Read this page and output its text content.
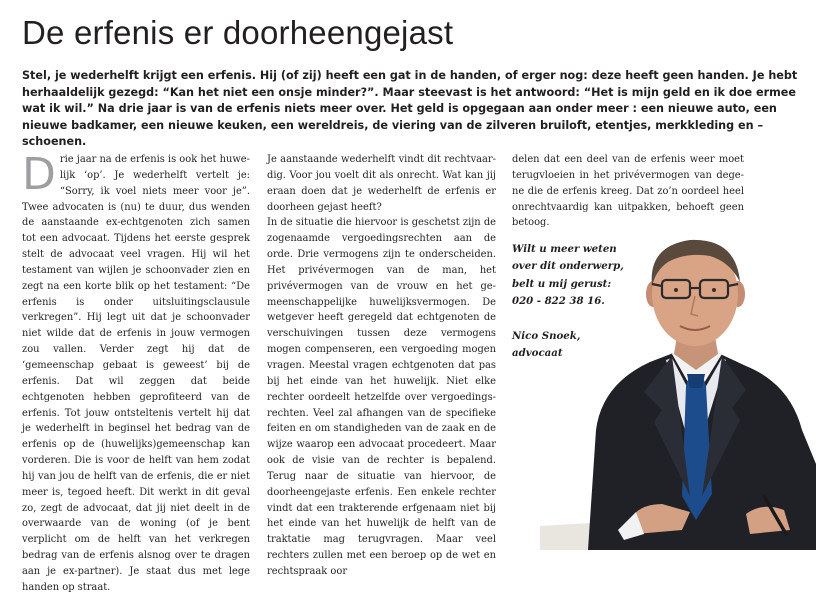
De erfenis er doorheengejast

Stel, je wederhelft krijgt een erfenis. Hij (of zij) heeft een gat in de handen, of erger nog: deze heeft geen handen. Je hebt herhaaldelijk gezegd: “Kan het niet een onsje minder?”. Maar steevast is het antwoord: “Het is mijn geld en ik doe ermee wat ik wil.” Na drie jaar is van de erfenis niets meer over. Het geld is opgegaan aan onder meer : een nieuwe auto, een nieuwe badkamer, een nieuwe keuken, een wereldreis, de viering van de zilveren bruiloft, etentjes, merkkleding en –schoenen.

Drie jaar na de erfenis is ook het huwelijk ‘op’. Je wederhelft vertelt je: “Sorry, ik voel niets meer voor je”. Twee advocaten is (nu) te duur, dus wenden de aanstaande ex-echtgenoten zich samen tot een advocaat. Tijdens het eerste gesprek stelt de advocaat veel vragen. Hij wil het testament van wijlen je schoonvader zien en zegt na een korte blik op het testament: “De erfenis is onder uitsluitingsclausule verkregen”. Hij legt uit dat je schoonvader niet wilde dat de erfenis in jouw vermogen zou vallen. Verder zegt hij dat de ‘gemeenschap gebaat is geweest’ bij de erfenis. Dat wil zeggen dat beide echtgenoten hebben geprofiteerd van de erfenis. Tot jouw ontsteltenis vertelt hij dat je wederhelft in beginsel het bedrag van de erfenis op de (huwelijks)gemeenschap kan vorderen. Die is voor de helft van hem zodat hij van jou de helft van de erfenis, die er niet meer is, tegoed heeft. Dit werkt in dit geval zo, zegt de advocaat, dat jij niet deelt in de overwaarde van de woning (of je bent verplicht om de helft van het verkregen bedrag van de erfenis alsnog over te dragen aan je ex-partner). Je staat dus met lege handen op straat.

Je aanstaande wederhelft vindt dit rechtvaardig. Voor jou voelt dit als onrecht. Wat kan jij eraan doen dat je wederhelft de erfenis er doorheen gejast heeft?

In de situatie die hiervoor is geschetst zijn de zogenaamde vergoedingsrechten aan de orde. Drie vermogens zijn te onderscheiden. Het privévermogen van de man, het privévermogen van de vrouw en het gemeenschappelijke huwelijksvermogen. De wetgever heeft geregeld dat echtgenoten de verschuivingen tussen deze vermogens mogen compenseren, een vergoeding mogen vragen. Meestal vragen echtgenoten dat pas bij het einde van het huwelijk. Niet elke rechter oordeelt hetzelfde over vergoedingsrechten. Veel zal afhangen van de specifieke feiten en om standigheden van de zaak en de wijze waarop een advocaat procedeert. Maar ook de visie van de rechter is bepalend. Terug naar de situatie van hiervoor, de doorheengejaste erfenis. Een enkele rechter vindt dat een trakterende erfgenaam niet bij het einde van het huwelijk de helft van de traktatie mag terugvragen. Maar veel rechters zullen met een beroep op de wet en rechtspraak oor

delen dat een deel van de erfenis weer moet terugvloeien in het privévermogen van degene die de erfenis kreeg. Dat zo’n oordeel heel onrechtvaardig kan uitpakken, behoeft geen betoog.

Wilt u meer weten
over dit onderwerp,
belt u mij gerust:
020 - 822 38 16.

Nico Snoek,
advocaat
